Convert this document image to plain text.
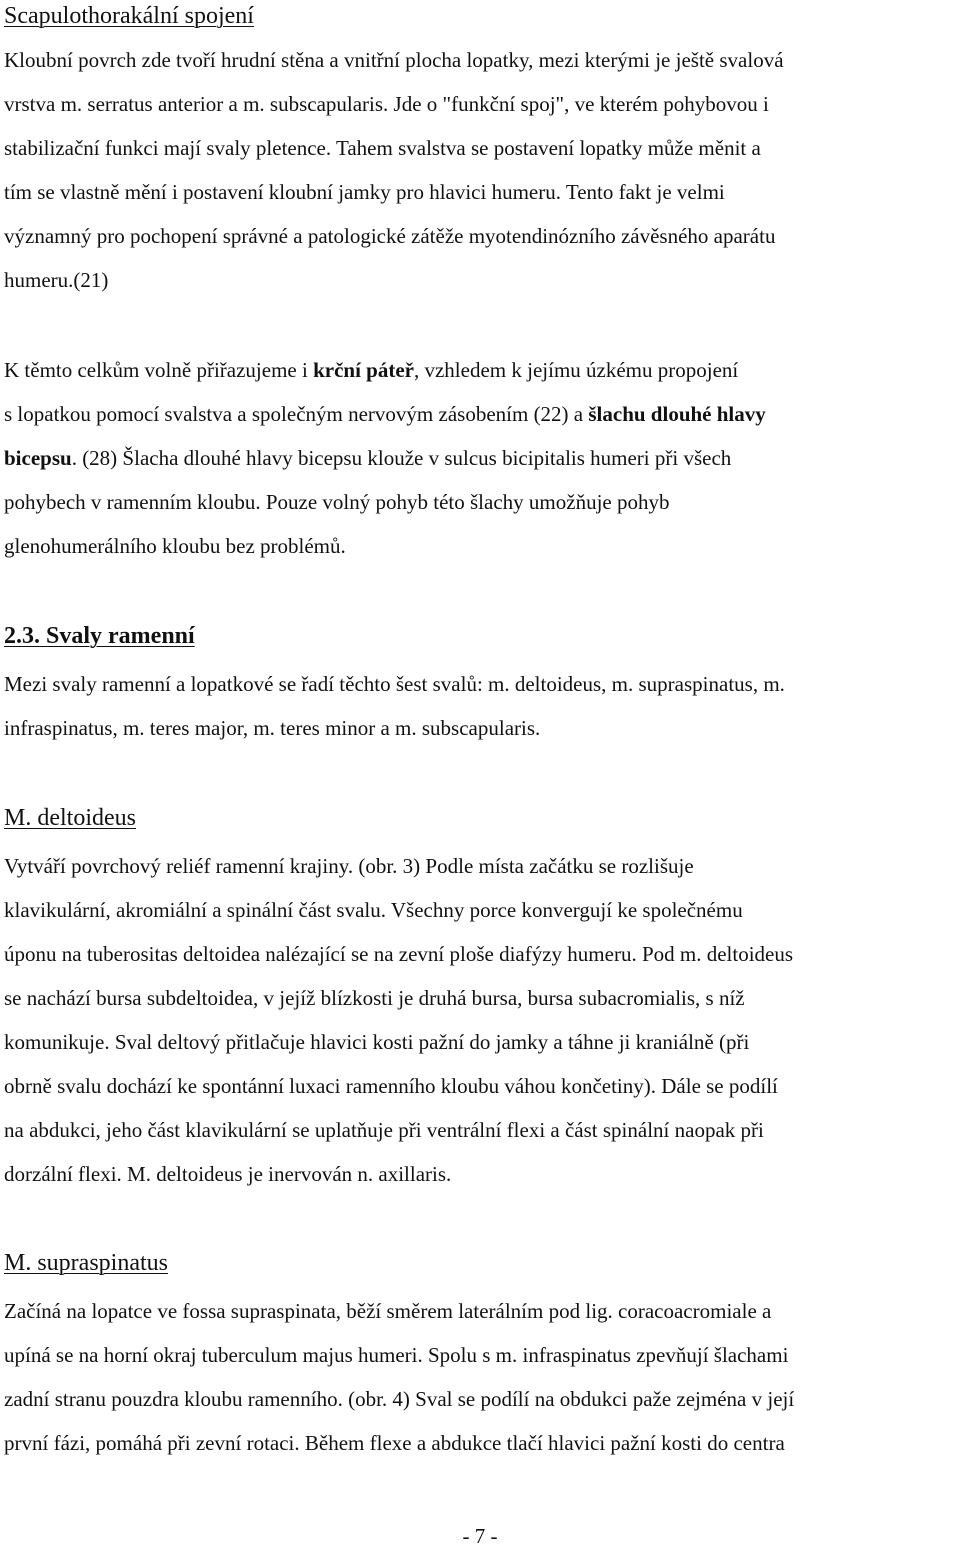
Scapulothorakální spojení
Kloubní povrch zde tvoří hrudní stěna a vnitřní plocha lopatky, mezi kterými je ještě svalová
vrstva m. serratus anterior a m. subscapularis. Jde o "funkční spoj", ve kterém pohybovou i
stabilizační funkci mají svaly pletence. Tahem svalstva se postavení lopatky může měnit a
tím se vlastně mění i postavení kloubní jamky pro hlavici humeru. Tento fakt je velmi
významný pro pochopení správné a patologické zátěže myotendinózního závěsného aparátu
humeru.(21)
K těmto celkům volně přiřazujeme i krční páteř, vzhledem k jejímu úzkému propojení
s lopatkou pomocí svalstva a společným nervovým zásobením (22) a šlachu dlouhé hlavy
bicepsu. (28) Šlacha dlouhé hlavy bicepsu klouže v sulcus bicipitalis humeri při všech
pohybech v ramenním kloubu. Pouze volný pohyb této šlachy umožňuje pohyb
glenohumerálního kloubu bez problémů.
2.3. Svaly ramenní
Mezi svaly ramenní a lopatkové se řadí těchto šest svalů: m. deltoideus, m. supraspinatus, m.
infraspinatus, m. teres major, m. teres minor a m. subscapularis.
M. deltoideus
Vytváří povrchový reliéf ramenní krajiny. (obr. 3) Podle místa začátku se rozlišuje
klavikulární, akromiální a spinální část svalu. Všechny porce konvergují ke společnému
úponu na tuberositas deltoidea nalézající se na zevní ploše diafýzy humeru. Pod m. deltoideus
se nachází bursa subdeltoidea, v jejíž blízkosti je druhá bursa, bursa subacromialis, s níž
komunikuje. Sval deltový přitlačuje hlavici kosti pažní do jamky a táhne ji kraniálně (při
obrně svalu dochází ke spontánní luxaci ramenního kloubu váhou končetiny). Dále se podílí
na abdukci, jeho část klavikulární se uplatňuje při ventrální flexi a část spinální naopak při
dorzální flexi. M. deltoideus je inervován n. axillaris.
M. supraspinatus
Začíná na lopatce ve fossa supraspinata, běží směrem laterálním pod lig. coracoacromiale a
upíná se na horní okraj tuberculum majus humeri. Spolu s m. infraspinatus zpevňují šlachami
zadní stranu pouzdra kloubu ramenního. (obr. 4) Sval se podílí na obdukci paže zejména v její
první fázi, pomáhá při zevní rotaci. Během flexe a abdukce tlačí hlavici pažní kosti do centra
- 7 -
